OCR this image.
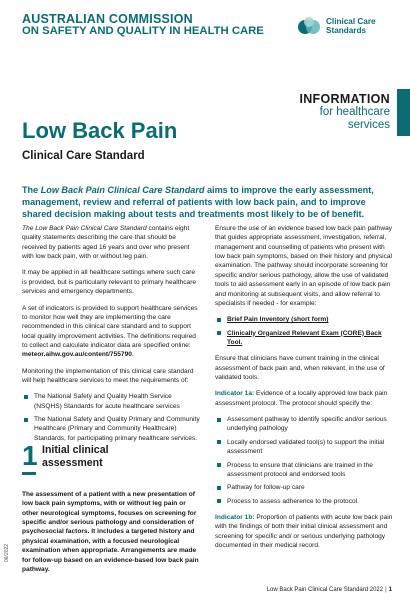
AUSTRALIAN COMMISSION
ON SAFETY AND QUALITY IN HEALTH CARE
Clinical Care
Standards
INFORMATION
for healthcare
services
Low Back Pain
Clinical Care Standard
The Low Back Pain Clinical Care Standard aims to improve the early assessment, management, review and referral of patients with low back pain, and to improve shared decision making about tests and treatments most likely to be of benefit.

The Low Back Pain Clinical Care Standard contains eight quality statements describing the care that should be received by patients aged 16 years and over who present with low back pain, with or without leg pain.

It may be applied in all healthcare settings where such care is provided, but is particularly relevant to primary healthcare services and emergency departments.

A set of indicators is provided to support healthcare services to monitor how well they are implementing the care recommended in this clinical care standard and to support local quality improvement activities. The definitions required to collect and calculate indicator data are specified online: meteor.aihw.gov.au/content/755790.

Monitoring the implementation of this clinical care standard will help healthcare services to meet the requirements of:

The National Safety and Quality Health Service (NSQHS) Standards for acute healthcare services
The National Safety and Quality Primary and Community Healthcare (Primary and Community Healthcare) Standards, for participating primary healthcare services.
1 Initial clinical
assessment
The assessment of a patient with a new presentation of low back pain symptoms, with or without leg pain or other neurological symptoms, focuses on screening for specific and/or serious pathology and consideration of psychosocial factors. It includes a targeted history and physical examination, with a focused neurological examination when appropriate. Arrangements are made for follow-up based on an evidence-based low back pain pathway.

Ensure the use of an evidence based low back pain pathway that guides appropriate assessment, investigation, referral, management and counselling of patients who present with low back pain symptoms, based on their history and physical examination. The pathway should incorporate screening for specific and/or serious pathology, allow the use of validated tools to aid assessment early in an episode of low back pain and monitoring at subsequent visits, and allow referral to specialists if needed - for example:

Brief Pain Inventory (short form)
Clinically Organized Relevant Exam (CORE) Back Tool.

Ensure that clinicians have current training in the clinical assessment of back pain and, when relevant, in the use of validated tools.

Indicator 1a: Evidence of a locally approved low back pain assessment protocol. The protocol should specify the:

Assessment pathway to identify specific and/or serious underlying pathology
Locally endorsed validated tool(s) to support the initial assessment
Process to ensure that clinicians are trained in the assessment protocol and endorsed tools
Pathway for follow-up care
Process to assess adherence to the protocol.

Indicator 1b: Proportion of patients with acute low back pain with the findings of both their initial clinical assessment and screening for specific and/ or serious underlying pathology documented in their medical record.

06/2022
Low Back Pain Clinical Care Standard 2022 | 1
